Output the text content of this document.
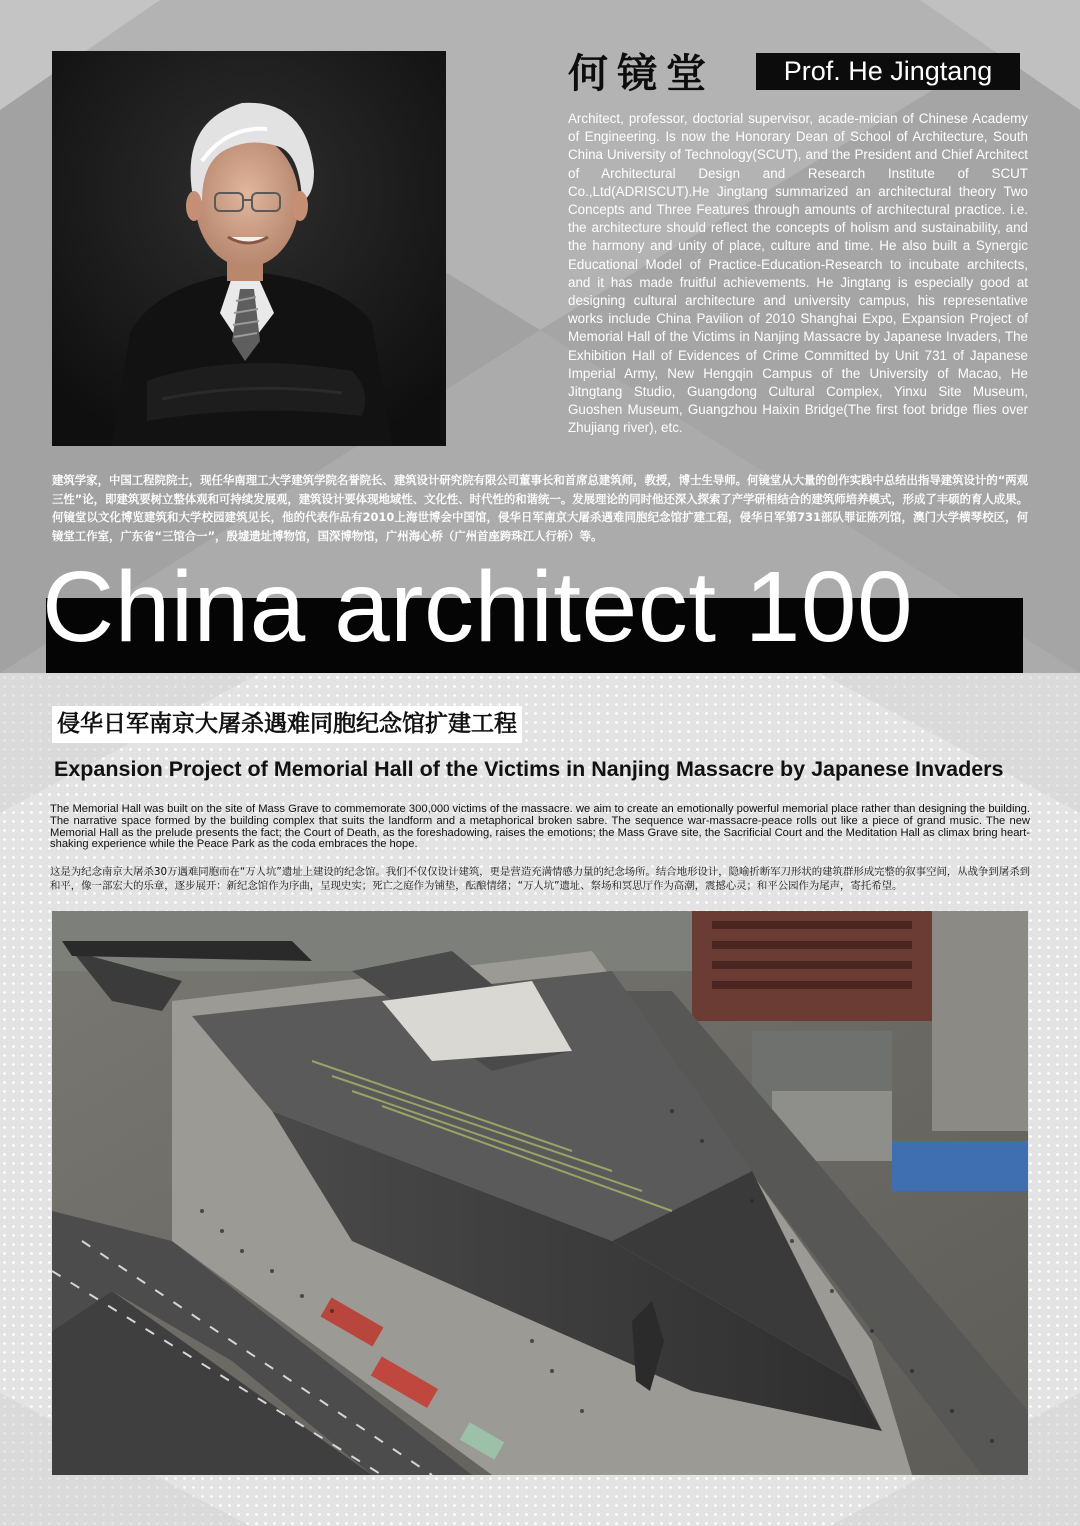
何镜堂	Prof. He Jingtang

Architect, professor, doctorial supervisor, acade-mician of Chinese Academy of Engineering. Is now the Honorary Dean of School of Architecture, South China University of Technology(SCUT), and the President and Chief Architect of Architectural Design and Research Institute of SCUT Co.,Ltd(ADRISCUT).He Jingtang summarized an architectural theory Two Concepts and Three Features through amounts of architectural practice. i.e. the architecture should reflect the concepts of holism and sustainability, and the harmony and unity of place, culture and time. He also built a Synergic Educational Model of Practice-Education-Research to incubate architects, and it has made fruitful achievements. He Jingtang is especially good at designing cultural architecture and university campus, his representative works include China Pavilion of 2010 Shanghai Expo, Expansion Project of Memorial Hall of the Victims in Nanjing Massacre by Japanese Invaders, The Exhibition Hall of Evidences of Crime Committed by Unit 731 of Japanese Imperial Army, New Hengqin Campus of the University of Macao, He Jitngtang Studio, Guangdong Cultural Complex, Yinxu Site Museum, Guoshen Museum, Guangzhou Haixin Bridge(The first foot bridge flies over Zhujiang river), etc.

建筑学家，中国工程院院士，现任华南理工大学建筑学院名誉院长、建筑设计研究院有限公司董事长和首席总建筑师，教授，博士生导师。何镜堂从大量的创作实践中总结出指导建筑设计的“两观三性”论，即建筑要树立整体观和可持续发展观，建筑设计要体现地域性、文化性、时代性的和谐统一。发展理论的同时他还深入探索了产学研相结合的建筑师培养模式，形成了丰硕的育人成果。何镜堂以文化博览建筑和大学校园建筑见长，他的代表作品有2010上海世博会中国馆，侵华日军南京大屠杀遇难同胞纪念馆扩建工程，侵华日军第731部队罪证陈列馆，澳门大学横琴校区，何镜堂工作室，广东省“三馆合一”，殷墟遗址博物馆，国深博物馆，广州海心桥（广州首座跨珠江人行桥）等。

China architect 100
侵华日军南京大屠杀遇难同胞纪念馆扩建工程
Expansion Project of Memorial Hall of the Victims in Nanjing Massacre by Japanese Invaders

The Memorial Hall was built on the site of Mass Grave to commemorate 300,000 victims of the massacre. we aim to create an emotionally powerful memorial place rather than designing the building. The narrative space formed by the building complex that suits the landform and a metaphorical broken sabre. The sequence war-massacre-peace rolls out like a piece of grand music. The new Memorial Hall as the prelude presents the fact; the Court of Death, as the foreshadowing, raises the emotions; the Mass Grave site, the Sacrificial Court and the Meditation Hall as climax bring heart-shaking experience while the Peace Park as the coda embraces the hope.

这是为纪念南京大屠杀30万遇难同胞而在“万人坑”遗址上建设的纪念馆。我们不仅仅设计建筑，更是营造充满情感力量的纪念场所。结合地形设计，隐喻折断军刀形状的建筑群形成完整的叙事空间，从战争到屠杀到和平，像一部宏大的乐章，逐步展开：新纪念馆作为序曲，呈现史实；死亡之庭作为铺垫，酝酿情绪；“万人坑”遗址、祭场和冥思厅作为高潮，震撼心灵；和平公园作为尾声，寄托希望。
